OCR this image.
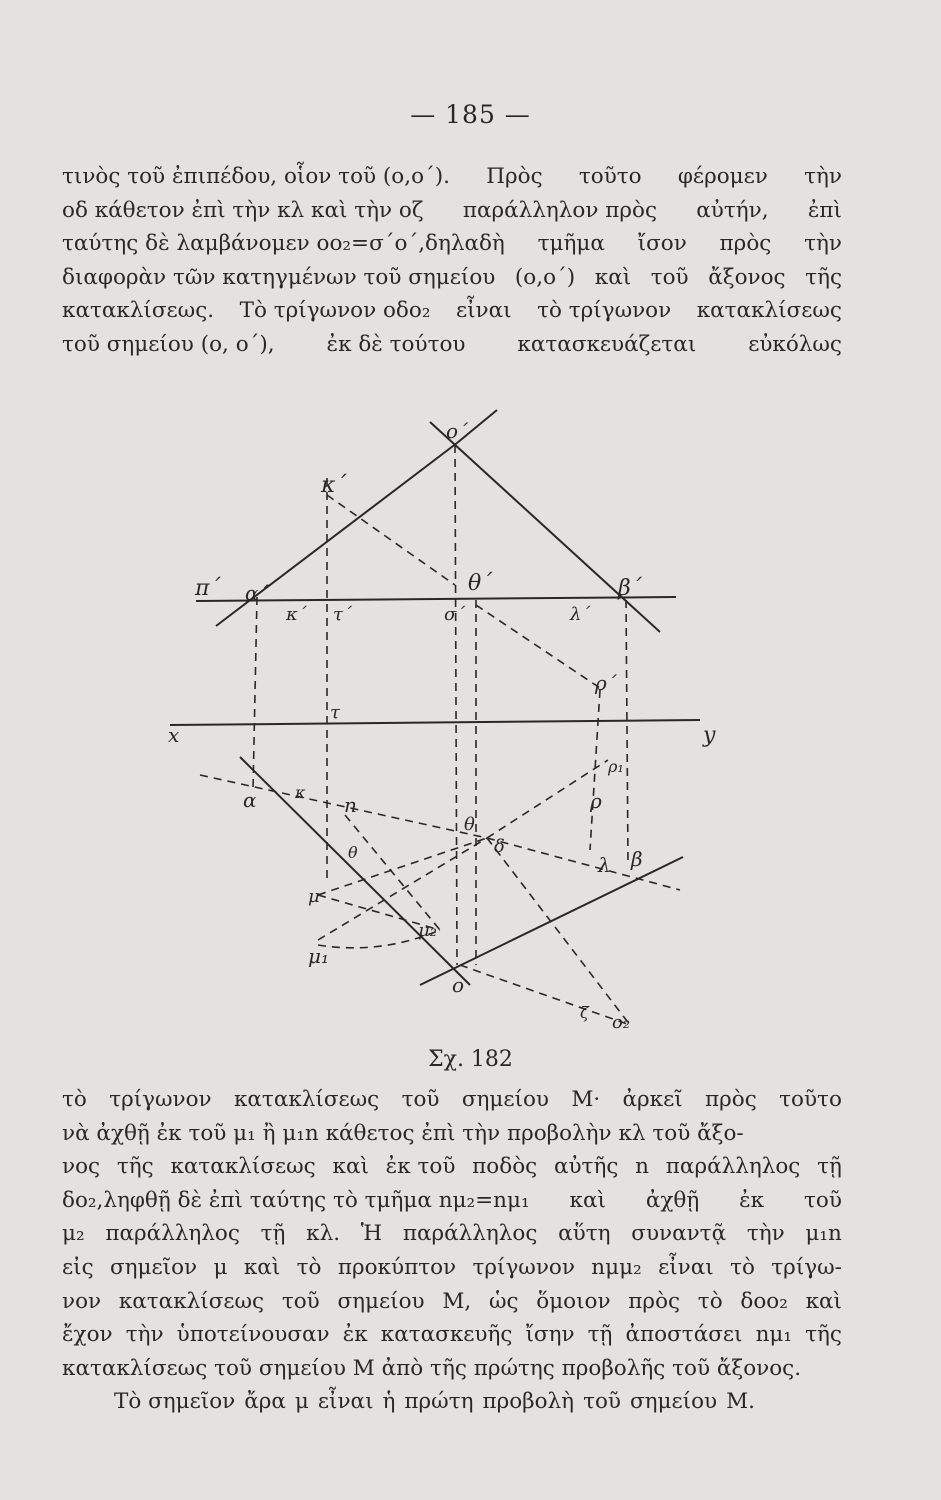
— 185 —
τινὸς τοῦ ἐπιπέδου, οἷον τοῦ (ο,ο΄). Πρὸς τοῦτο φέρομεν τὴν
οδ κάθετον ἐπὶ τὴν κλ καὶ τὴν οζ παράλληλον πρὸς αὐτήν, ἐπὶ
ταύτης δὲ λαμβάνομεν οο₂=σ΄ο΄,δηλαδὴ τμῆμα ἴσον πρὸς τὴν
διαφορὰν τῶν κατηγμένων τοῦ σημείου (ο,ο΄) καὶ τοῦ ἄξονος τῆς
κατακλίσεως. Τὸ τρίγωνον οδο₂ εἶναι τὸ τρίγωνον κατακλίσεως
τοῦ σημείου (ο, ο΄), ἐκ δὲ τούτου κατασκευάζεται εὐκόλως
ο΄
κ΄
π΄ α΄
κ΄ τ΄	σ΄
θ΄
λ΄
β΄
ρ΄
x	y
τ
α κ
n
θ
θ
δ
ρ
λ β
ρ₁
μ
μ₂
μ₁
ο
ζ ο₂
Σχ. 182
τὸ τρίγωνον κατακλίσεως τοῦ σημείου Μ· ἀρκεῖ πρὸς τοῦτο
νὰ ἀχθῇ ἐκ τοῦ μ₁ ἢ μ₁n κάθετος ἐπὶ τὴν προβολὴν κλ τοῦ ἄξο-
νος τῆς κατακλίσεως καὶ ἐκ τοῦ ποδὸς αὐτῆς n παράλληλος τῇ
δο₂,ληφθῇ δὲ ἐπὶ ταύτης τὸ τμῆμα nμ₂=nμ₁ καὶ ἀχθῇ ἐκ τοῦ
μ₂ παράλληλος τῇ κλ. Ἡ παράλληλος αὕτη συναντᾷ τὴν μ₁n
εἰς σημεῖον μ καὶ τὸ προκύπτον τρίγωνον nμμ₂ εἶναι τὸ τρίγω-
νον κατακλίσεως τοῦ σημείου Μ, ὡς ὅμοιον πρὸς τὸ δοο₂ καὶ
ἔχον τὴν ὑποτείνουσαν ἐκ κατασκευῆς ἴσην τῇ ἀποστάσει nμ₁ τῆς
κατακλίσεως τοῦ σημείου Μ ἀπὸ τῆς πρώτης προβολῆς τοῦ ἄξονος.
Τὸ σημεῖον ἄρα μ εἶναι ἡ πρώτη προβολὴ τοῦ σημείου Μ.
